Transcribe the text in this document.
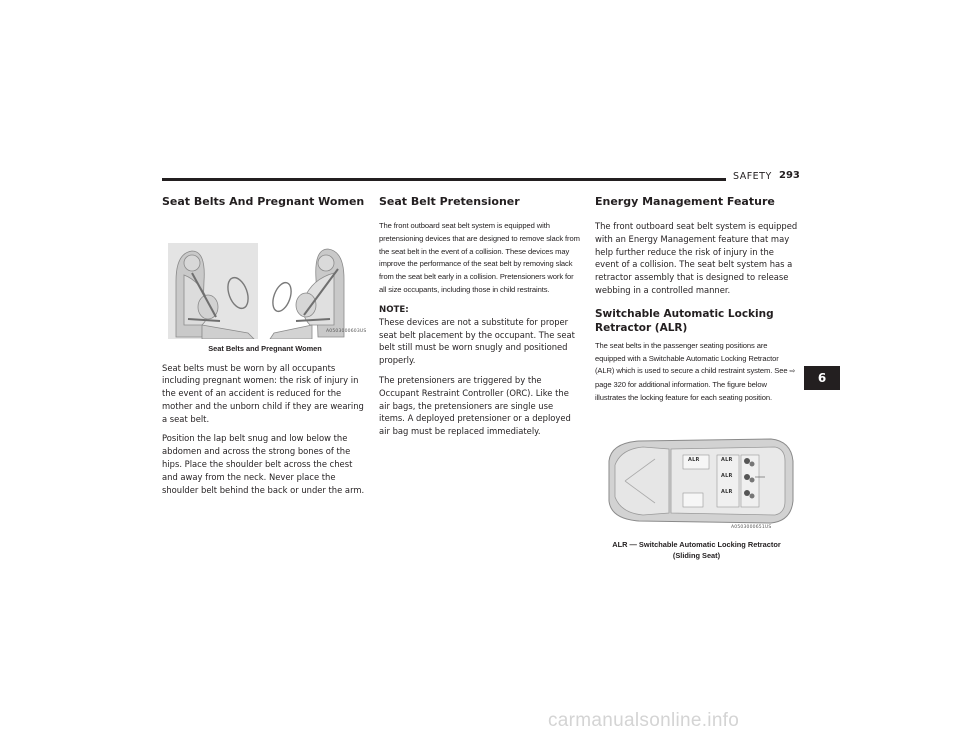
SAFETY 293
Seat Belts And Pregnant Women
A0503000603US
Seat Belts and Pregnant Women

Seat belts must be worn by all occupants including pregnant women: the risk of injury in the event of an accident is reduced for the mother and the unborn child if they are wearing a seat belt.

Position the lap belt snug and low below the abdomen and across the strong bones of the hips. Place the shoulder belt across the chest and away from the neck. Never place the shoulder belt behind the back or under the arm.

Seat Belt Pretensioner

The front outboard seat belt system is equipped with pretensioning devices that are designed to remove slack from the seat belt in the event of a collision. These devices may improve the performance of the seat belt by removing slack from the seat belt early in a collision. Pretensioners work for all size occupants, including those in child restraints.

NOTE:

These devices are not a substitute for proper seat belt placement by the occupant. The seat belt still must be worn snugly and positioned properly.

The pretensioners are triggered by the Occupant Restraint Controller (ORC). Like the air bags, the pretensioners are single use items. A deployed pretensioner or a deployed air bag must be replaced immediately.

Energy Management Feature

The front outboard seat belt system is equipped with an Energy Management feature that may help further reduce the risk of injury in the event of a collision. The seat belt system has a retractor assembly that is designed to release webbing in a controlled manner.

Switchable Automatic Locking
Retractor (ALR)

The seat belts in the passenger seating positions are equipped with a Switchable Automatic Locking Retractor (ALR) which is used to secure a child restraint system. See ⇨ page 320 for additional information. The figure below illustrates the locking feature for each seating position.

ALR	ALR
ALR
ALR
A0503000651US
ALR — Switchable Automatic Locking Retractor
(Sliding Seat)
6
carmanualsonline.info
